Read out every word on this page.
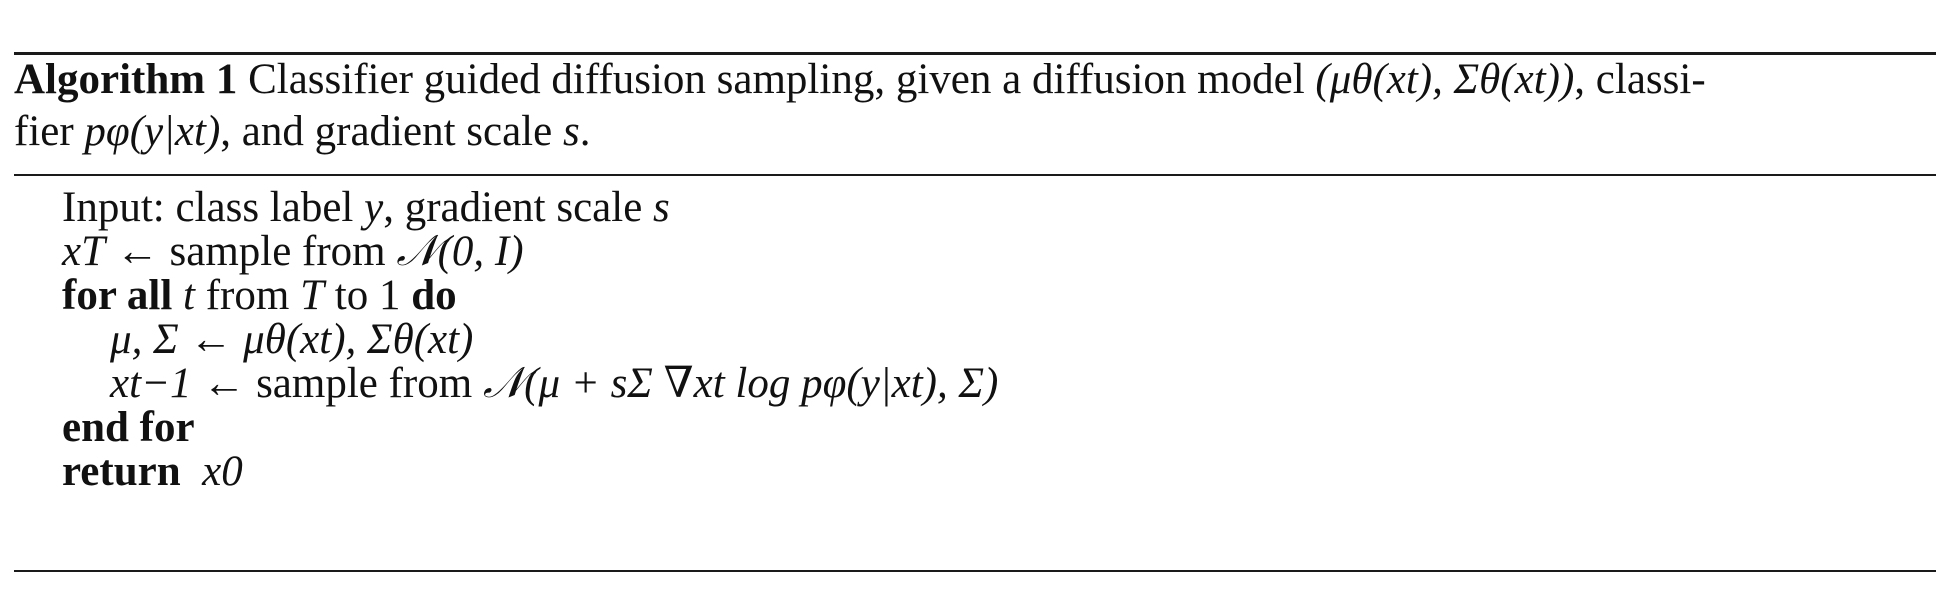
Algorithm 1 Classifier guided diffusion sampling, given a diffusion model (μθ(xt), Σθ(xt)), classi-
fier pφ(y|xt), and gradient scale s.
Input: class label y, gradient scale s
xT ← sample from 𝒩(0, I)
for all t from T to 1 do
μ, Σ ← μθ(xt), Σθ(xt)
xt−1 ← sample from 𝒩(μ + sΣ ∇xt log pφ(y|xt), Σ)
end for
return x0
